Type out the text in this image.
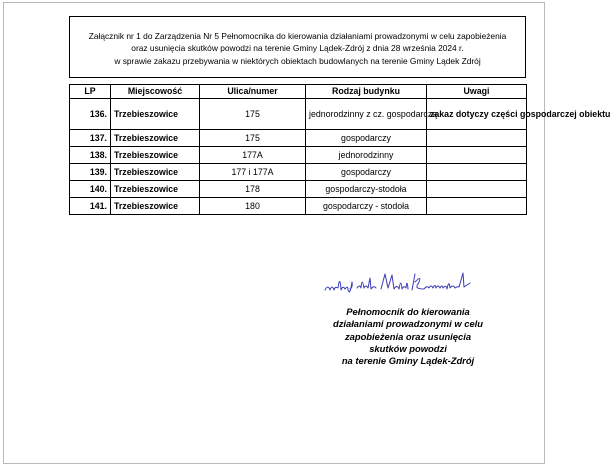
Załącznik nr 1 do Zarządzenia Nr 5 Pełnomocnika do kierowania działaniami prowadzonymi w celu zapobieżenia
oraz usunięcia skutków powodzi na terenie Gminy Lądek-Zdrój z dnia 28 września 2024 r.
w sprawie zakazu przebywania w niektórych obiektach budowlanych na terenie Gminy Lądek Zdrój
LP	Miejscowość	Ulica/numer	Rodzaj budynku	Uwagi
136.	Trzebieszowice	175	jednorodzinny z cz. gospodarczą	zakaz dotyczy części gospodarczej obiektu
137.	Trzebieszowice	175	gospodarczy	
138.	Trzebieszowice	177A	jednorodzinny	
139.	Trzebieszowice	177 i 177A	gospodarczy	
140.	Trzebieszowice	178	gospodarczy-stodoła	
141.	Trzebieszowice	180	gospodarczy - stodoła	
Pełnomocnik do kierowania
działaniami prowadzonymi w celu
zapobieżenia oraz usunięcia
skutków powodzi
na terenie Gminy Lądek-Zdrój
